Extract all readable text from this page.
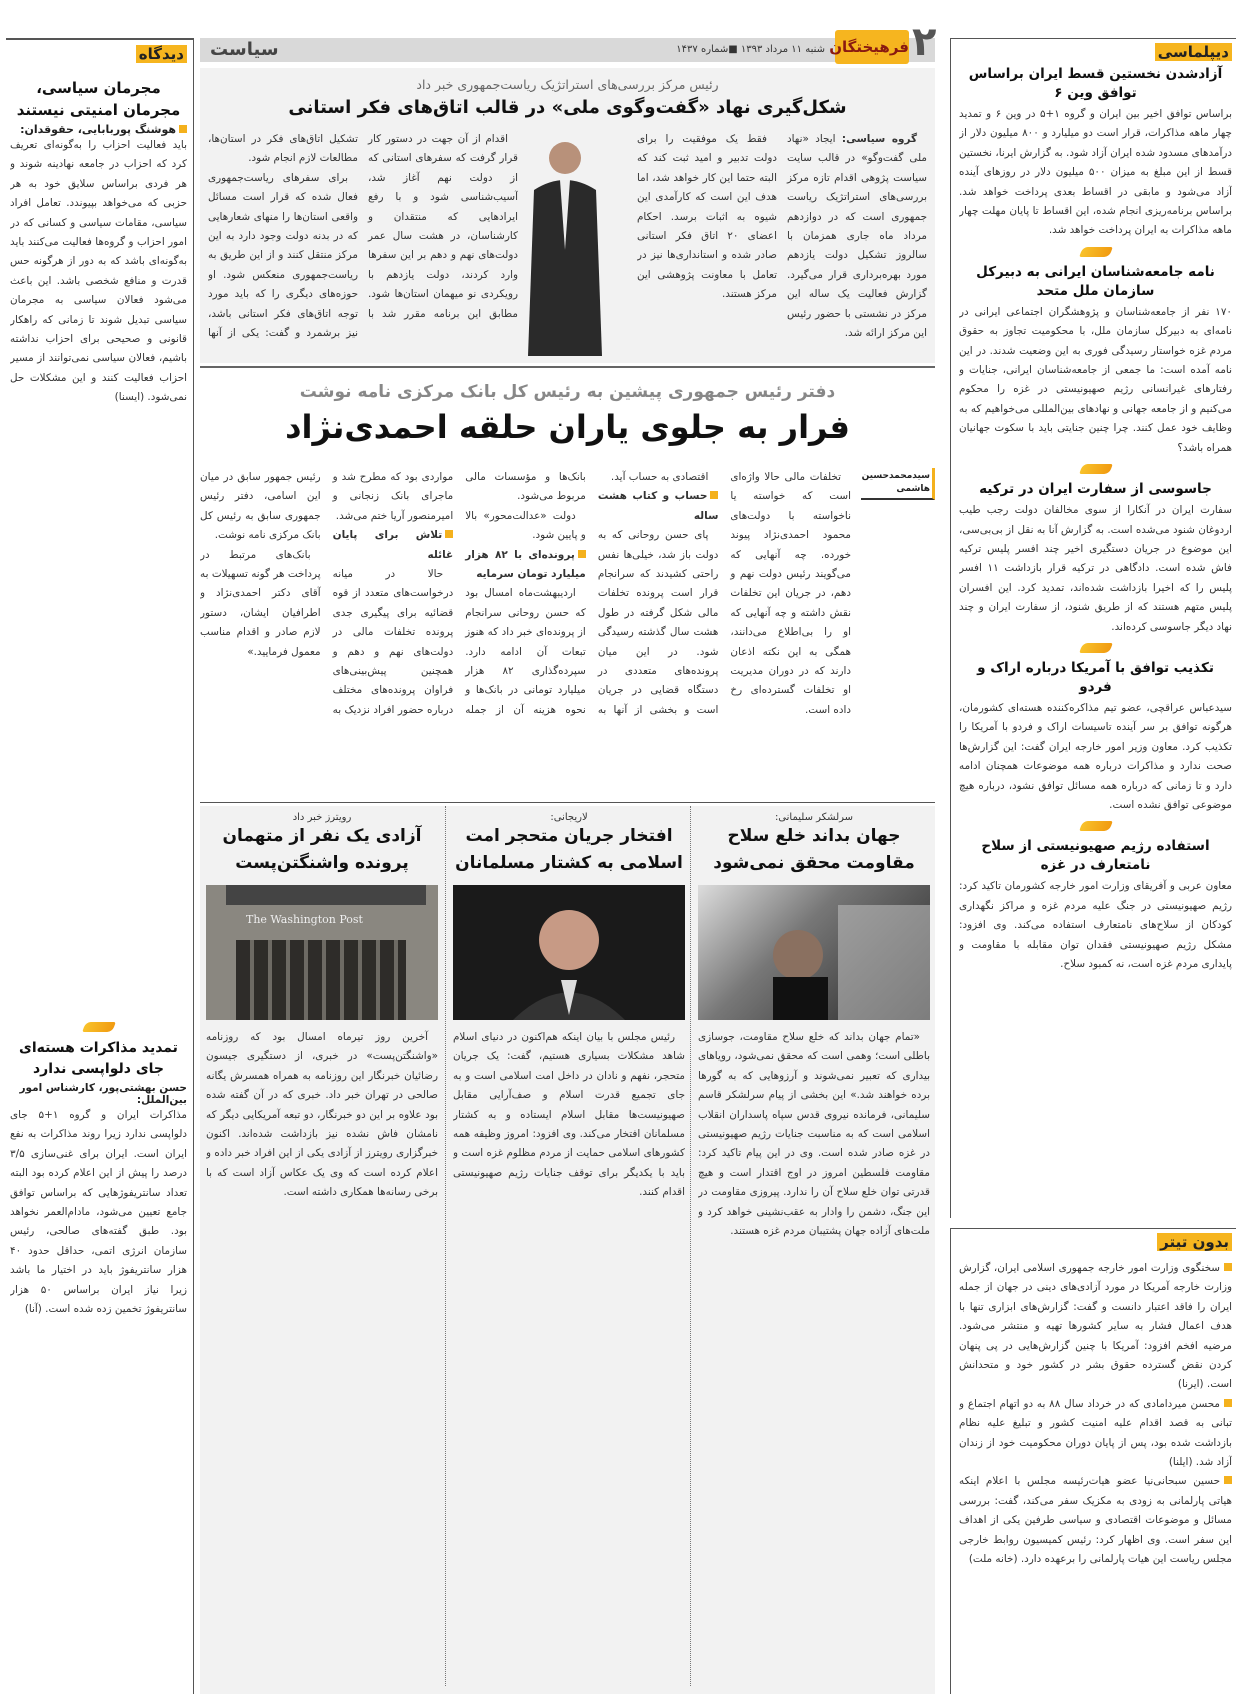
سیاست	شنبه ۱۱ مرداد ۱۳۹۳ ■شماره ۱۴۳۷ فرهیختگان ۲
رئیس مرکز بررسی‌های استراتژیک ریاست‌جمهوری خبر داد
شکل‌گیری نهاد «گفت‌وگوی ملی» در قالب اتاق‌های فکر استانی

گروه سیاسی: ایجاد «نهاد ملی گفت‌وگو» در قالب سایت سیاست پژوهی اقدام تازه مرکز بررسی‌های استراتژیک ریاست جمهوری است که در دوازدهم مرداد ماه جاری همزمان با سالروز تشکیل دولت یازدهم مورد بهره‌برداری قرار می‌گیرد. گزارش فعالیت یک ساله این مرکز در نشستی با حضور رئیس این مرکز ارائه شد.

فقط یک موفقیت را برای دولت تدبیر و امید ثبت کند که البته حتما این کار خواهد شد، اما هدف این است که کارآمدی این شیوه به اثبات برسد. احکام اعضای ۲۰ اتاق فکر استانی صادر شده و استانداری‌ها نیز در تعامل با معاونت پژوهشی این مرکز هستند.

اقدام از آن جهت در دستور کار قرار گرفت که سفرهای استانی که از دولت نهم آغاز شد، آسیب‌شناسی شود و با رفع ایرادهایی که منتقدان و کارشناسان، در هشت سال عمر دولت‌های نهم و دهم بر این سفرها وارد کردند، دولت یازدهم با رویکردی نو میهمان استان‌ها شود. مطابق این برنامه مقرر شد با تشکیل اتاق‌های فکر در استان‌ها، مطالعات لازم انجام شود.

برای سفرهای ریاست‌جمهوری فعال شده که قرار است مسائل واقعی استان‌ها را منهای شعارهایی که در بدنه دولت وجود دارد به این مرکز منتقل کنند و از این طریق به ریاست‌جمهوری منعکس شود. او حوزه‌های دیگری را که باید مورد توجه اتاق‌های فکر استانی باشد، نیز برشمرد و گفت: یکی از آنها

دفتر رئیس جمهوری پیشین به رئیس کل بانک مرکزی نامه نوشت
فرار به جلوی یاران حلقه احمدی‌نژاد
سیدمحمدحسین هاشمی

تخلفات مالی حالا واژه‌ای است که خواسته یا ناخواسته با دولت‌های محمود احمدی‌نژاد پیوند خورده. چه آنهایی که می‌گویند رئیس دولت نهم و دهم، در جریان این تخلفات نقش داشته و چه آنهایی که او را بی‌اطلاع می‌دانند، همگی به این نکته اذعان دارند که در دوران مدیریت او تخلفات گسترده‌ای رخ داده است.

اقتصادی به حساب آید.

حساب و کتاب هشت ساله

پای حسن روحانی که به دولت باز شد، خیلی‌ها نفس راحتی کشیدند که سرانجام قرار است پرونده تخلفات مالی شکل گرفته در طول هشت سال گذشته رسیدگی شود. در این میان پرونده‌های متعددی در دستگاه قضایی در جریان است و بخشی از آنها به بانک‌ها و مؤسسات مالی مربوط می‌شود.

دولت «عدالت‌محور» بالا و پایین شود.

پرونده‌ای با ۸۲ هزار میلیارد تومان سرمایه

اردیبهشت‌ماه امسال بود که حسن روحانی سرانجام از پرونده‌ای خبر داد که هنوز تبعات آن ادامه دارد. سپرده‌گذاری ۸۲ هزار میلیارد تومانی در بانک‌ها و نحوه هزینه آن از جمله مواردی بود که مطرح شد و ماجرای بانک زنجانی و امیرمنصور آریا ختم می‌شد.

تلاش برای پایان غائله

حالا در میانه درخواست‌های متعدد از قوه قضائیه برای پیگیری جدی پرونده تخلفات مالی در دولت‌های نهم و دهم و همچنین پیش‌بینی‌های فراوان پرونده‌های مختلف درباره حضور افراد نزدیک به رئیس جمهور سابق در میان این اسامی، دفتر رئیس جمهوری سابق به رئیس کل بانک مرکزی نامه نوشت.

بانک‌های مرتبط در پرداخت هر گونه تسهیلات به آقای دکتر احمدی‌نژاد و اطرافیان ایشان، دستور لازم صادر و اقدام مناسب معمول فرمایید.»

سرلشکر سلیمانی:
جهان بداند خلع سلاح مقاومت محقق نمی‌شود
«تمام جهان بداند که خلع سلاح مقاومت، جوسازی باطلی است؛ وهمی است که محقق نمی‌شود، رویاهای بیداری که تعبیر نمی‌شوند و آرزوهایی که به گورها برده خواهند شد.» این بخشی از پیام سرلشکر قاسم سلیمانی، فرمانده نیروی قدس سپاه پاسداران انقلاب اسلامی است که به مناسبت جنایات رژیم صهیونیستی در غزه صادر شده است. وی در این پیام تاکید کرد: مقاومت فلسطین امروز در اوج اقتدار است و هیچ قدرتی توان خلع سلاح آن را ندارد. پیروزی مقاومت در این جنگ، دشمن را وادار به عقب‌نشینی خواهد کرد و ملت‌های آزاده جهان پشتیبان مردم غزه هستند.
لاریجانی:
افتخار جریان متحجر امت اسلامی به کشتار مسلمانان
رئیس مجلس با بیان اینکه هم‌اکنون در دنیای اسلام شاهد مشکلات بسیاری هستیم، گفت: یک جریان متحجر، نفهم و نادان در داخل امت اسلامی است و به جای تجمیع قدرت اسلام و صف‌آرایی مقابل صهیونیست‌ها مقابل اسلام ایستاده و به کشتار مسلمانان افتخار می‌کند. وی افزود: امروز وظیفه همه کشورهای اسلامی حمایت از مردم مظلوم غزه است و باید با یکدیگر برای توقف جنایات رژیم صهیونیستی اقدام کنند.
رویترز خبر داد
آزادی یک نفر از متهمان پرونده واشنگتن‌پست
The Washington Post
آخرین روز تیرماه امسال بود که روزنامه «واشنگتن‌پست» در خبری، از دستگیری جیسون رضائیان خبرنگار این روزنامه به همراه همسرش یگانه صالحی در تهران خبر داد. خبری که در آن گفته شده بود علاوه بر این دو خبرنگار، دو تبعه آمریکایی دیگر که نامشان فاش نشده نیز بازداشت شده‌اند. اکنون خبرگزاری رویترز از آزادی یکی از این افراد خبر داده و اعلام کرده است که وی یک عکاس آزاد است که با برخی رسانه‌ها همکاری داشته است.
دیدگاه
مجرمان سیاسی، مجرمان امنیتی نیستند
هوشنگ پوربابایی، حقوقدان:
باید فعالیت احزاب را به‌گونه‌ای تعریف کرد که احزاب در جامعه نهادینه شوند و هر فردی براساس سلایق خود به هر حزبی که می‌خواهد بپیوندد. تعامل افراد سیاسی، مقامات سیاسی و کسانی که در امور احزاب و گروه‌ها فعالیت می‌کنند باید به‌گونه‌ای باشد که به دور از هرگونه حس قدرت و منافع شخصی باشد. این باعث می‌شود فعالان سیاسی به مجرمان سیاسی تبدیل شوند تا زمانی که راهکار قانونی و صحیحی برای احزاب نداشته باشیم، فعالان سیاسی نمی‌توانند از مسیر احزاب فعالیت کنند و این مشکلات حل نمی‌شود. (ایسنا)
تمدید مذاکرات هسته‌ای جای دلواپسی ندارد
حسن بهشتی‌پور، کارشناس امور بین‌الملل:
مذاکرات ایران و گروه ۱+۵ جای دلواپسی ندارد زیرا روند مذاکرات به نفع ایران است. ایران برای غنی‌سازی ۳/۵ درصد را پیش از این اعلام کرده بود البته تعداد سانتریفوژهایی که براساس توافق جامع تعیین می‌شود، مادام‌العمر نخواهد بود. طبق گفته‌های صالحی، رئیس سازمان انرژی اتمی، حداقل حدود ۴۰ هزار سانتریفوژ باید در اختیار ما باشد زیرا نیاز ایران براساس ۵۰ هزار سانتریفوژ تخمین زده شده است. (آنا)
دیپلماسی
آزادشدن نخستین قسط ایران براساس توافق وین ۶
براساس توافق اخیر بین ایران و گروه ۱+۵ در وین ۶ و تمدید چهار ماهه مذاکرات، قرار است دو میلیارد و ۸۰۰ میلیون دلار از درآمدهای مسدود شده ایران آزاد شود. به گزارش ایرنا، نخستین قسط از این مبلغ به میزان ۵۰۰ میلیون دلار در روزهای آینده آزاد می‌شود و مابقی در اقساط بعدی پرداخت خواهد شد. براساس برنامه‌ریزی انجام شده، این اقساط تا پایان مهلت چهار ماهه مذاکرات به ایران پرداخت خواهد شد.
نامه جامعه‌شناسان ایرانی به دبیرکل سازمان ملل متحد
۱۷۰ نفر از جامعه‌شناسان و پژوهشگران اجتماعی ایرانی در نامه‌ای به دبیرکل سازمان ملل، با محکومیت تجاوز به حقوق مردم غزه خواستار رسیدگی فوری به این وضعیت شدند. در این نامه آمده است: ما جمعی از جامعه‌شناسان ایرانی، جنایات و رفتارهای غیرانسانی رژیم صهیونیستی در غزه را محکوم می‌کنیم و از جامعه جهانی و نهادهای بین‌المللی می‌خواهیم که به وظایف خود عمل کنند. چرا چنین جنایتی باید با سکوت جهانیان همراه باشد؟
جاسوسی از سفارت ایران در ترکیه
سفارت ایران در آنکارا از سوی مخالفان دولت رجب طیب اردوغان شنود می‌شده است. به گزارش آنا به نقل از بی‌بی‌سی، این موضوع در جریان دستگیری اخیر چند افسر پلیس ترکیه فاش شده است. دادگاهی در ترکیه قرار بازداشت ۱۱ افسر پلیس را که اخیرا بازداشت شده‌اند، تمدید کرد. این افسران پلیس متهم هستند که از طریق شنود، از سفارت ایران و چند نهاد دیگر جاسوسی کرده‌اند.
تکذیب توافق با آمریکا درباره اراک و فردو
سیدعباس عراقچی، عضو تیم مذاکره‌کننده هسته‌ای کشورمان، هرگونه توافق بر سر آینده تاسیسات اراک و فردو با آمریکا را تکذیب کرد. معاون وزیر امور خارجه ایران گفت: این گزارش‌ها صحت ندارد و مذاکرات درباره همه موضوعات همچنان ادامه دارد و تا زمانی که درباره همه مسائل توافق نشود، درباره هیچ موضوعی توافق نشده است.
استفاده رژیم صهیونیستی از سلاح نامتعارف در غزه
معاون عربی و آفریقای وزارت امور خارجه کشورمان تاکید کرد: رژیم صهیونیستی در جنگ علیه مردم غزه و مراکز نگهداری کودکان از سلاح‌های نامتعارف استفاده می‌کند. وی افزود: مشکل رژیم صهیونیستی فقدان توان مقابله با مقاومت و پایداری مردم غزه است، نه کمبود سلاح.
بدون تیتر
سخنگوی وزارت امور خارجه جمهوری اسلامی ایران، گزارش وزارت خارجه آمریکا در مورد آزادی‌های دینی در جهان از جمله ایران را فاقد اعتبار دانست و گفت: گزارش‌های ابزاری تنها با هدف اعمال فشار به سایر کشورها تهیه و منتشر می‌شود. مرضیه افخم افزود: آمریکا با چنین گزارش‌هایی در پی پنهان کردن نقض گسترده حقوق بشر در کشور خود و متحدانش است. (ایرنا)
محسن میردامادی که در خرداد سال ۸۸ به دو اتهام اجتماع و تبانی به قصد اقدام علیه امنیت کشور و تبلیغ علیه نظام بازداشت شده بود، پس از پایان دوران محکومیت خود از زندان آزاد شد. (ایلنا)
حسین سبحانی‌نیا عضو هیات‌رئیسه مجلس با اعلام اینکه هیاتی پارلمانی به زودی به مکزیک سفر می‌کند، گفت: بررسی مسائل و موضوعات اقتصادی و سیاسی طرفین یکی از اهداف این سفر است. وی اظهار کرد: رئیس کمیسیون روابط خارجی مجلس ریاست این هیات پارلمانی را برعهده دارد. (خانه ملت)
